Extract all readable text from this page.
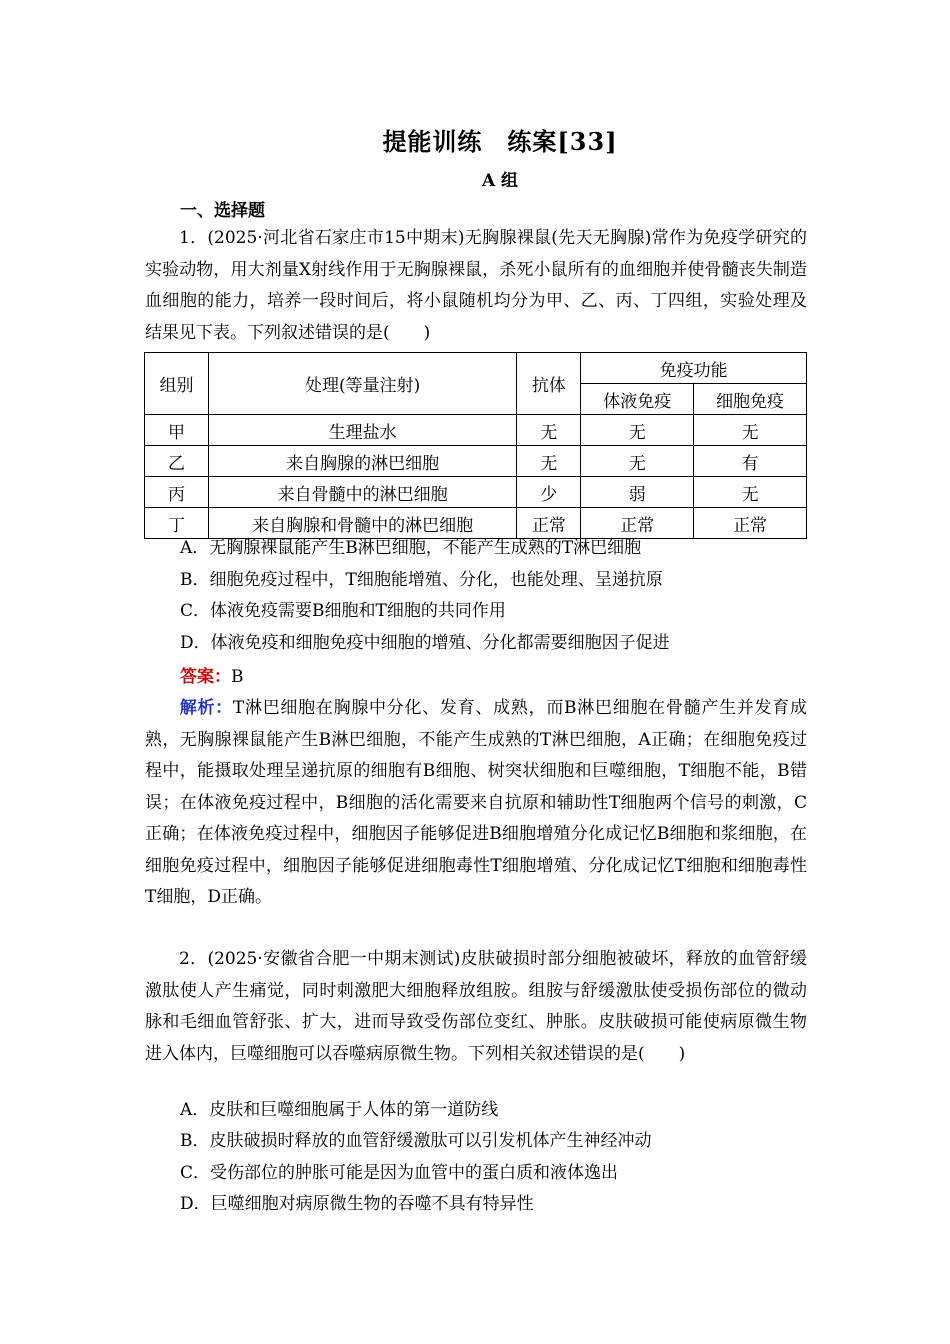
提能训练　练案[33]
A 组
一、选择题
1．(2025·河北省石家庄市15中期末)无胸腺裸鼠(先天无胸腺)常作为免疫学研究的实验动物，用大剂量X射线作用于无胸腺裸鼠，杀死小鼠所有的血细胞并使骨髓丧失制造血细胞的能力，培养一段时间后，将小鼠随机均分为甲、乙、丙、丁四组，实验处理及结果见下表。下列叙述错误的是(　　)
组别	处理(等量注射)	抗体	免疫功能	
			体液免疫	细胞免疫
甲	生理盐水	无	无	无
乙	来自胸腺的淋巴细胞	无	无	有
丙	来自骨髓中的淋巴细胞	少	弱	无
丁	来自胸腺和骨髓中的淋巴细胞	正常	正常	正常
A．无胸腺裸鼠能产生B淋巴细胞，不能产生成熟的T淋巴细胞
B．细胞免疫过程中，T细胞能增殖、分化，也能处理、呈递抗原
C．体液免疫需要B细胞和T细胞的共同作用
D．体液免疫和细胞免疫中细胞的增殖、分化都需要细胞因子促进
答案：B
解析：T淋巴细胞在胸腺中分化、发育、成熟，而B淋巴细胞在骨髓产生并发育成熟，无胸腺裸鼠能产生B淋巴细胞，不能产生成熟的T淋巴细胞，A正确；在细胞免疫过程中，能摄取处理呈递抗原的细胞有B细胞、树突状细胞和巨噬细胞，T细胞不能，B错误；在体液免疫过程中，B细胞的活化需要来自抗原和辅助性T细胞两个信号的刺激，C正确；在体液免疫过程中，细胞因子能够促进B细胞增殖分化成记忆B细胞和浆细胞，在细胞免疫过程中，细胞因子能够促进细胞毒性T细胞增殖、分化成记忆T细胞和细胞毒性T细胞，D正确。
2．(2025·安徽省合肥一中期末测试)皮肤破损时部分细胞被破坏，释放的血管舒缓激肽使人产生痛觉，同时刺激肥大细胞释放组胺。组胺与舒缓激肽使受损伤部位的微动脉和毛细血管舒张、扩大，进而导致受伤部位变红、肿胀。皮肤破损可能使病原微生物进入体内，巨噬细胞可以吞噬病原微生物。下列相关叙述错误的是(　　)
A．皮肤和巨噬细胞属于人体的第一道防线
B．皮肤破损时释放的血管舒缓激肽可以引发机体产生神经冲动
C．受伤部位的肿胀可能是因为血管中的蛋白质和液体逸出
D．巨噬细胞对病原微生物的吞噬不具有特异性
